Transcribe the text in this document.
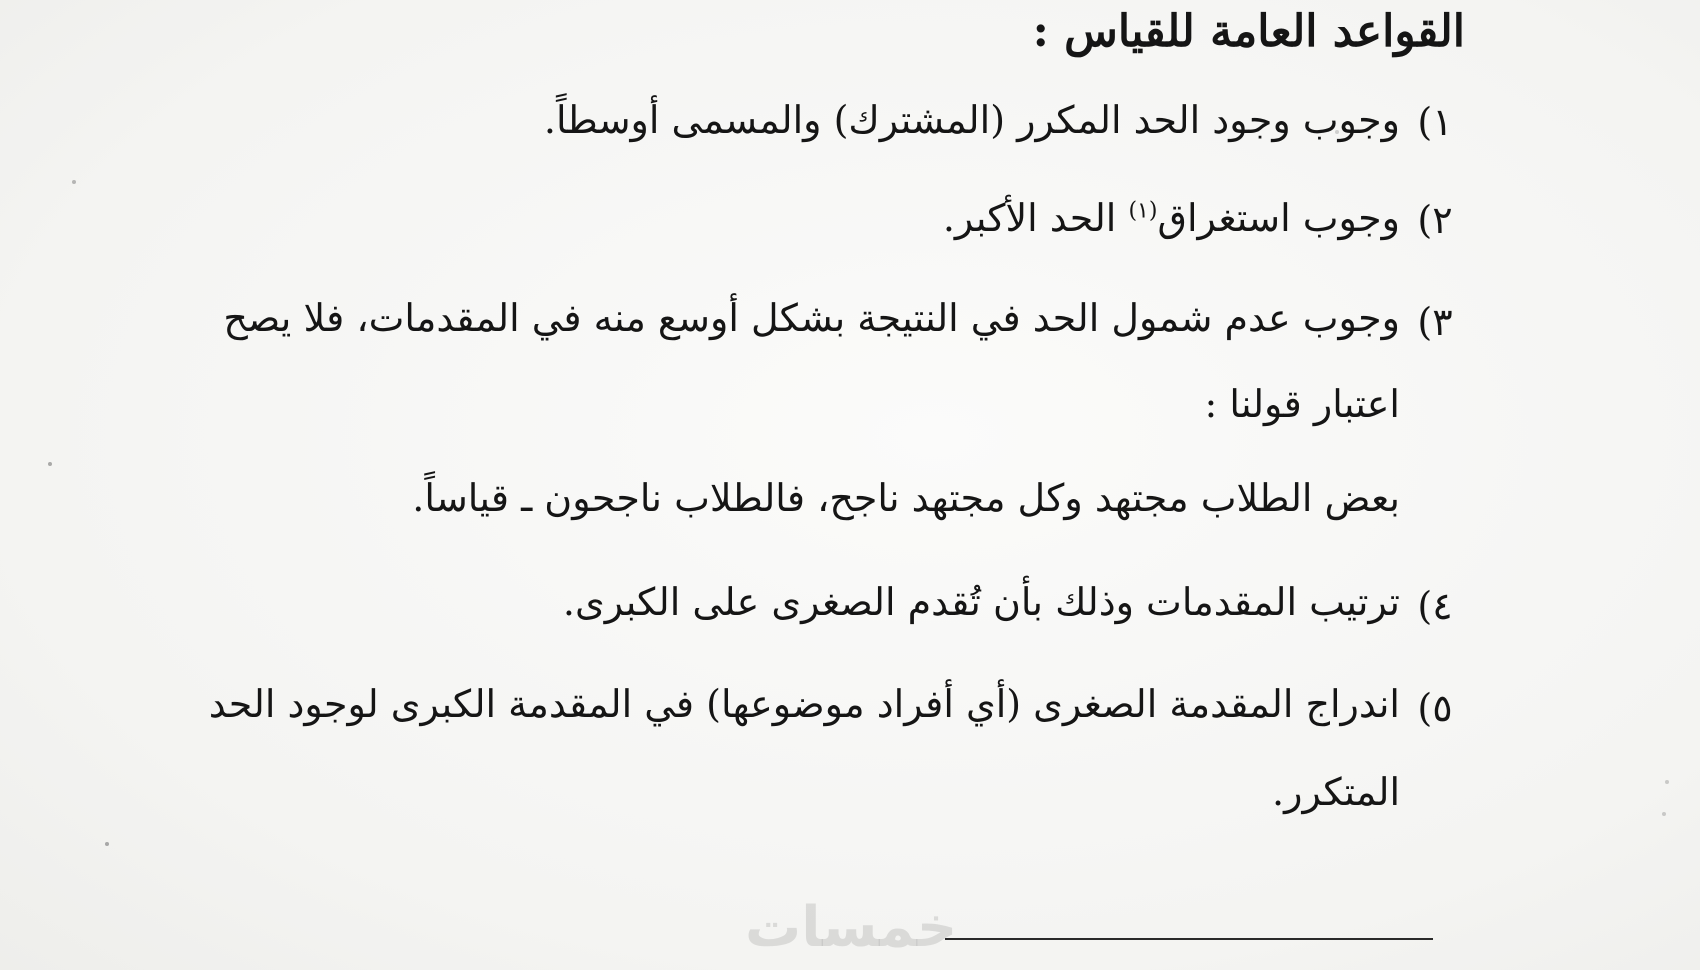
القواعد العامة للقياس :
١)
وجوب وجود الحد المكرر (المشترك) والمسمى أوسطاً.
٢)
وجوب استغراق$^{(١)}$ الحد الأكبر.
٣)
وجوب عدم شمول الحد في النتيجة بشكل أوسع منه في المقدمات، فلا يصح
اعتبار قولنا :
بعض الطلاب مجتهد وكل مجتهد ناجح، فالطلاب ناجحون ـ قياساً.
٤)
ترتيب المقدمات وذلك بأن تُقدم الصغرى على الكبرى.
٥)
اندراج المقدمة الصغرى (أي أفراد موضوعها) في المقدمة الكبرى لوجود الحد
المتكرر.
خمسات
